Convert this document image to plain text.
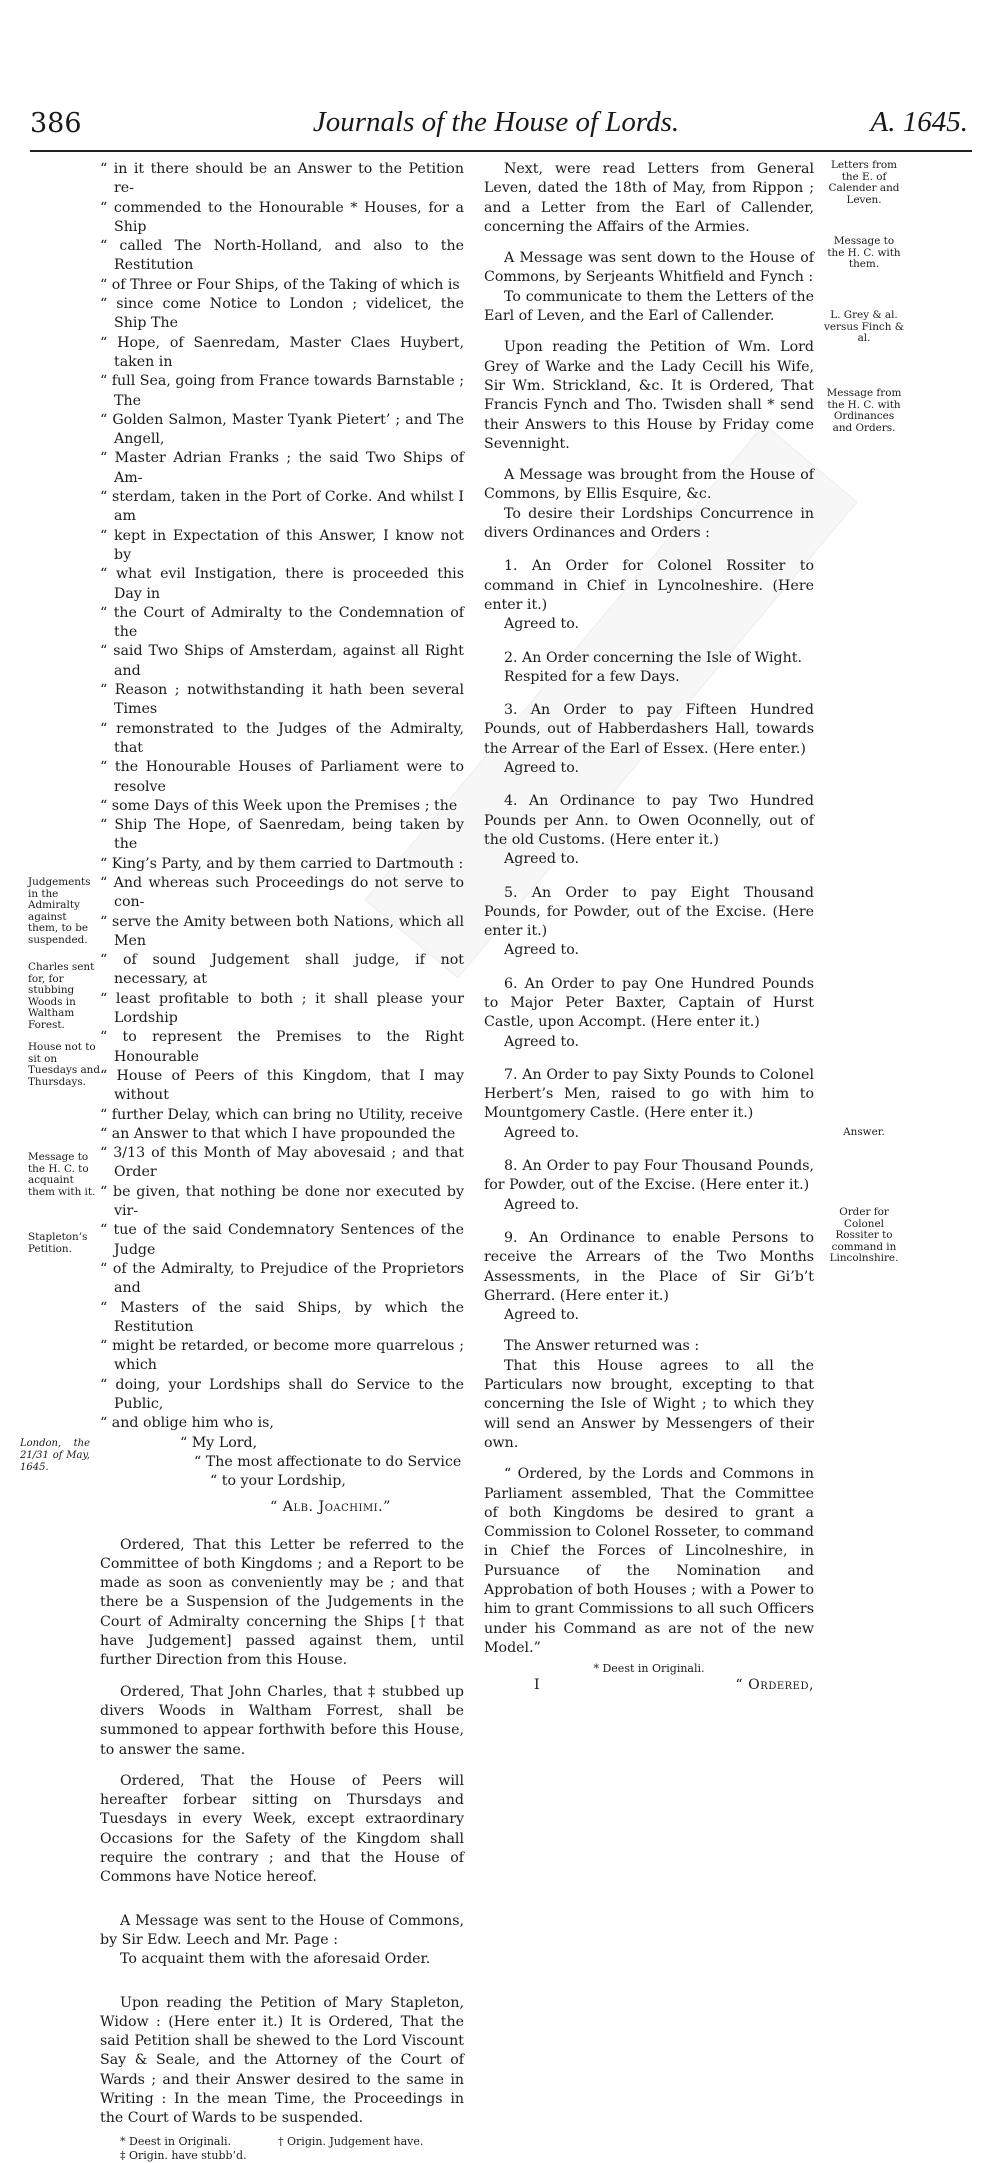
386	Journals of the House of Lords.	A. 1645.

“ in it there should be an Answer to the Petition re-

“ commended to the Honourable * Houses, for a Ship

“ called The North-Holland, and also to the Restitution

“ of Three or Four Ships, of the Taking of which is

“ since come Notice to London ; videlicet, the Ship The

“ Hope, of Saenredam, Master Claes Huybert, taken in

“ full Sea, going from France towards Barnstable ; The

“ Golden Salmon, Master Tyank Pietert’ ; and The Angell,

“ Master Adrian Franks ; the said Two Ships of Am-

“ sterdam, taken in the Port of Corke. And whilst I am

“ kept in Expectation of this Answer, I know not by

“ what evil Instigation, there is proceeded this Day in

“ the Court of Admiralty to the Condemnation of the

“ said Two Ships of Amsterdam, against all Right and

“ Reason ; notwithstanding it hath been several Times

“ remonstrated to the Judges of the Admiralty, that

“ the Honourable Houses of Parliament were to resolve

“ some Days of this Week upon the Premises ; the

“ Ship The Hope, of Saenredam, being taken by the

“ King’s Party, and by them carried to Dartmouth :

“ And whereas such Proceedings do not serve to con-

“ serve the Amity between both Nations, which all Men

“ of sound Judgement shall judge, if not necessary, at

“ least profitable to both ; it shall please your Lordship

“ to represent the Premises to the Right Honourable

“ House of Peers of this Kingdom, that I may without

“ further Delay, which can bring no Utility, receive

“ an Answer to that which I have propounded the

“ 3/13 of this Month of May abovesaid ; and that Order

“ be given, that nothing be done nor executed by vir-

“ tue of the said Condemnatory Sentences of the Judge

“ of the Admiralty, to Prejudice of the Proprietors and

“ Masters of the said Ships, by which the Restitution

“ might be retarded, or become more quarrelous ; which

“ doing, your Lordships shall do Service to the Public,

“ and oblige him who is,

London, the 21/31 of May, 1645.
“ My Lord,
“ The most affectionate to do Service
“ to your Lordship,
“ Alb. Joachimi.”

Ordered, That this Letter be referred to the Committee of both Kingdoms ; and a Report to be made as soon as conveniently may be ; and that there be a Suspension of the Judgements in the Court of Admiralty concerning the Ships [† that have Judgement] passed against them, until further Direction from this House.

Ordered, That John Charles, that ‡ stubbed up divers Woods in Waltham Forrest, shall be summoned to appear forthwith before this House, to answer the same.

Ordered, That the House of Peers will hereafter forbear sitting on Thursdays and Tuesdays in every Week, except extraordinary Occasions for the Safety of the Kingdom shall require the contrary ; and that the House of Commons have Notice hereof.

A Message was sent to the House of Commons, by Sir Edw. Leech and Mr. Page :

To acquaint them with the aforesaid Order.

Upon reading the Petition of Mary Stapleton, Widow : (Here enter it.) It is Ordered, That the said Petition shall be shewed to the Lord Viscount Say & Seale, and the Attorney of the Court of Wards ; and their Answer desired to the same in Writing : In the mean Time, the Proceedings in the Court of Wards to be suspended.

* Deest in Originali.	† Origin. Judgement have.
‡ Origin. have stubb’d.
Judgements in the Admiralty against them, to be suspended.
Charles sent for, for stubbing Woods in Waltham Forest.
House not to sit on Tuesdays and Thursdays.
Message to the H. C. to acquaint them with it.
Stapleton’s Petition.

Next, were read Letters from General Leven, dated the 18th of May, from Rippon ; and a Letter from the Earl of Callender, concerning the Affairs of the Armies.

A Message was sent down to the House of Commons, by Serjeants Whitfield and Fynch :

To communicate to them the Letters of the Earl of Leven, and the Earl of Callender.

Upon reading the Petition of Wm. Lord Grey of Warke and the Lady Cecill his Wife, Sir Wm. Strickland, &c. It is Ordered, That Francis Fynch and Tho. Twisden shall * send their Answers to this House by Friday come Sevennight.

A Message was brought from the House of Commons, by Ellis Esquire, &c.

To desire their Lordships Concurrence in divers Ordinances and Orders :

1. An Order for Colonel Rossiter to command in Chief in Lyncolneshire. (Here enter it.)

Agreed to.

2. An Order concerning the Isle of Wight.

Respited for a few Days.

3. An Order to pay Fifteen Hundred Pounds, out of Habberdashers Hall, towards the Arrear of the Earl of Essex. (Here enter.)

Agreed to.

4. An Ordinance to pay Two Hundred Pounds per Ann. to Owen Oconnelly, out of the old Customs. (Here enter it.)

Agreed to.

5. An Order to pay Eight Thousand Pounds, for Powder, out of the Excise. (Here enter it.)

Agreed to.

6. An Order to pay One Hundred Pounds to Major Peter Baxter, Captain of Hurst Castle, upon Accompt. (Here enter it.)

Agreed to.

7. An Order to pay Sixty Pounds to Colonel Herbert’s Men, raised to go with him to Mountgomery Castle. (Here enter it.)

Agreed to.

8. An Order to pay Four Thousand Pounds, for Powder, out of the Excise. (Here enter it.)

Agreed to.

9. An Ordinance to enable Persons to receive the Arrears of the Two Months Assessments, in the Place of Sir Gi’b’t Gherrard. (Here enter it.)

Agreed to.

The Answer returned was :

That this House agrees to all the Particulars now brought, excepting to that concerning the Isle of Wight ; to which they will send an Answer by Messengers of their own.

“ Ordered, by the Lords and Commons in Parliament assembled, That the Committee of both Kingdoms be desired to grant a Commission to Colonel Rosseter, to command in Chief the Forces of Lincolneshire, in Pursuance of the Nomination and Approbation of both Houses ; with a Power to him to grant Commissions to all such Officers under his Command as are not of the new Model.”

* Deest in Originali.

I	“ Ordered,
Letters from the E. of Calender and Leven.
Message to the H. C. with them.
L. Grey & al. versus Finch & al.
Message from the H. C. with Ordinances and Orders.
Answer.
Order for Colonel Rossiter to command in Lincolnshire.
